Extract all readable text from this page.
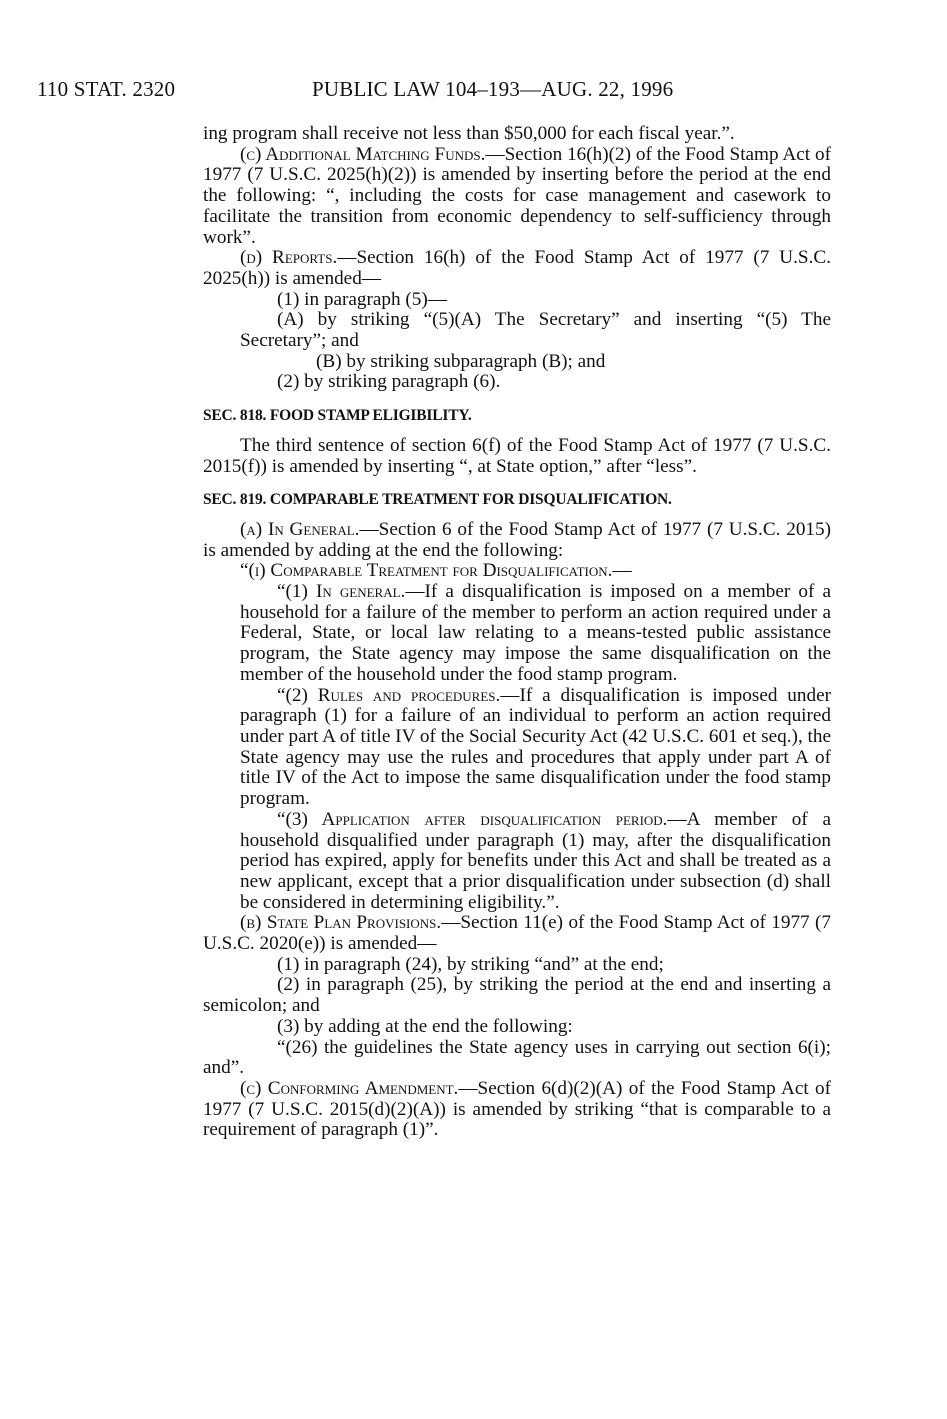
110 STAT. 2320	PUBLIC LAW 104–193—AUG. 22, 1996

ing program shall receive not less than $50,000 for each fiscal year.”.

(c) Additional Matching Funds.—Section 16(h)(2) of the Food Stamp Act of 1977 (7 U.S.C. 2025(h)(2)) is amended by inserting before the period at the end the following: “, including the costs for case management and casework to facilitate the transition from economic dependency to self-sufficiency through work”.

(d) Reports.—Section 16(h) of the Food Stamp Act of 1977 (7 U.S.C. 2025(h)) is amended—

(1) in paragraph (5)—

(A) by striking “(5)(A) The Secretary” and inserting “(5) The Secretary”; and

(B) by striking subparagraph (B); and

(2) by striking paragraph (6).

SEC. 818. FOOD STAMP ELIGIBILITY.

The third sentence of section 6(f) of the Food Stamp Act of 1977 (7 U.S.C. 2015(f)) is amended by inserting “, at State option,” after “less”.

SEC. 819. COMPARABLE TREATMENT FOR DISQUALIFICATION.

(a) In General.—Section 6 of the Food Stamp Act of 1977 (7 U.S.C. 2015) is amended by adding at the end the following:

“(i) Comparable Treatment for Disqualification.—

“(1) In general.—If a disqualification is imposed on a member of a household for a failure of the member to perform an action required under a Federal, State, or local law relating to a means-tested public assistance program, the State agency may impose the same disqualification on the member of the household under the food stamp program.

“(2) Rules and procedures.—If a disqualification is imposed under paragraph (1) for a failure of an individual to perform an action required under part A of title IV of the Social Security Act (42 U.S.C. 601 et seq.), the State agency may use the rules and procedures that apply under part A of title IV of the Act to impose the same disqualification under the food stamp program.

“(3) Application after disqualification period.—A member of a household disqualified under paragraph (1) may, after the disqualification period has expired, apply for benefits under this Act and shall be treated as a new applicant, except that a prior disqualification under subsection (d) shall be considered in determining eligibility.”.

(b) State Plan Provisions.—Section 11(e) of the Food Stamp Act of 1977 (7 U.S.C. 2020(e)) is amended—

(1) in paragraph (24), by striking “and” at the end;

(2) in paragraph (25), by striking the period at the end and inserting a semicolon; and

(3) by adding at the end the following:

“(26) the guidelines the State agency uses in carrying out section 6(i); and”.

(c) Conforming Amendment.—Section 6(d)(2)(A) of the Food Stamp Act of 1977 (7 U.S.C. 2015(d)(2)(A)) is amended by striking “that is comparable to a requirement of paragraph (1)”.
